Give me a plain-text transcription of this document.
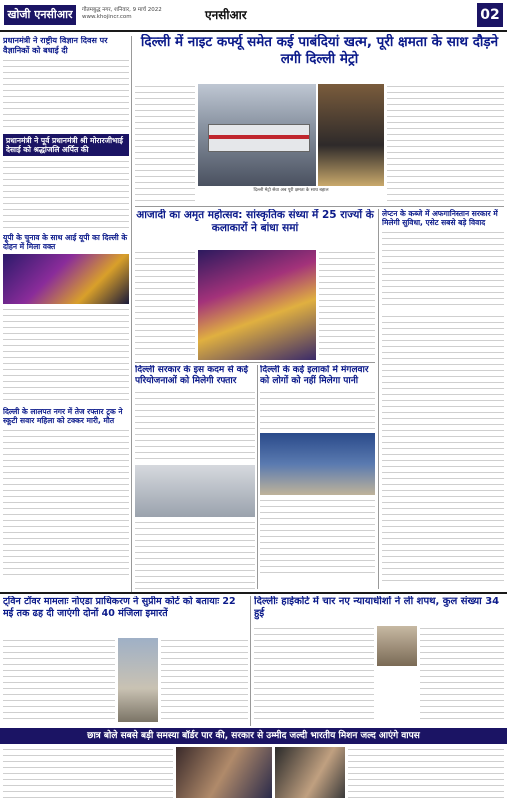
खोजी एनसीआर	गौतमबुद्ध नगर, शनिवार, 9 मार्च 2022
www.khojincr.com	एनसीआर	02
प्रधानमंत्री ने राष्ट्रीय विज्ञान दिवस पर वैज्ञानिकों को बधाई दी
प्रधानमंत्री ने पूर्व प्रधानमंत्री श्री मोरारजीभाई देसाई को श्रद्धांजलि अर्पित की
यूपी के चुनाव के साथ आई यूपी का दिल्ली के दोहन में मिला वक्त
दिल्ली के लालपत नगर में तेज रफ्तार ट्रक ने स्कूटी सवार महिला को टक्कर मारी, मौत
दिल्ली में नाइट कर्फ्यू समेत कई पाबंदियां खत्म, पूरी क्षमता के साथ दौड़ने लगी दिल्ली मेट्रो
दिल्ली मेट्रो सेवा अब पूरी क्षमता के साथ बहाल
आजादी का अमृत महोत्सव: सांस्कृतिक संध्या में 25 राज्यों के कलाकारों ने बांधा समां
लेप्टन के कब्जे में अफगानिस्तान सरकार में मिलेगी सुविधा, एसेट सबसे बड़े विवाद
दिल्ली सरकार के इस कदम से कई परियोजनाओं को मिलेगी रफ्तार
दिल्ली के कई इलाकों में मंगलवार को लोगों को नहीं मिलेगा पानी
ट्विन टॉवर मामलाः नोएडा प्राधिकरण ने सुप्रीम कोर्ट को बतायाः 22 मई तक ढह दी जाएंगी दोनों 40 मंजिला इमारतें
दिल्लीः हाईकोर्ट में चार नए न्यायाधीशों ने ली शपथ, कुल संख्या 34 हुई
छात्र बोले सबसे बड़ी समस्या बॉर्डर पार की, सरकार से उम्मीद जल्दी भारतीय मिशन जल्द आएंगे वापस
